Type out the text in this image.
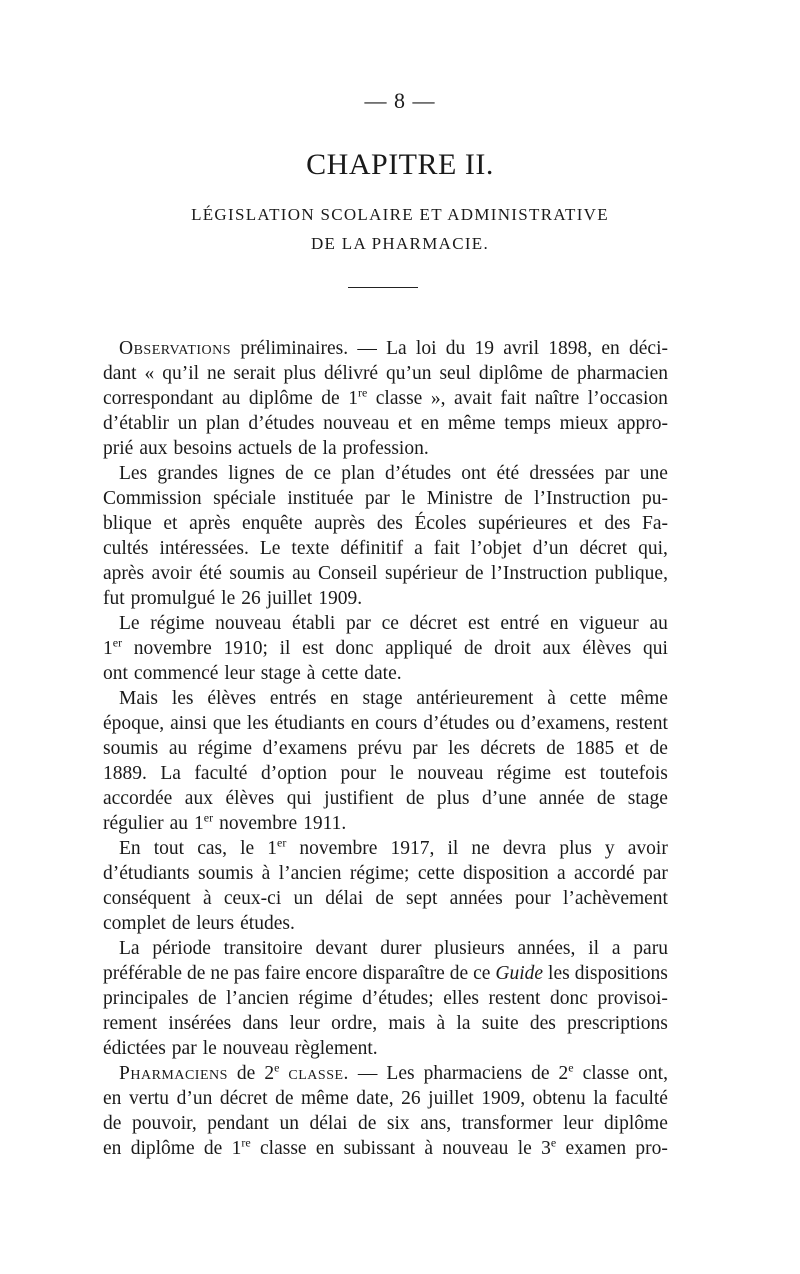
— 8 —
CHAPITRE II.
LÉGISLATION SCOLAIRE ET ADMINISTRATIVE
DE LA PHARMACIE.
Observations préliminaires. — La loi du 19 avril 1898, en déci-
dant « qu’il ne serait plus délivré qu’un seul diplôme de pharmacien
correspondant au diplôme de 1re classe », avait fait naître l’occasion
d’établir un plan d’études nouveau et en même temps mieux appro-
prié aux besoins actuels de la profession.
Les grandes lignes de ce plan d’études ont été dressées par une
Commission spéciale instituée par le Ministre de l’Instruction pu-
blique et après enquête auprès des Écoles supérieures et des Fa-
cultés intéressées. Le texte définitif a fait l’objet d’un décret qui,
après avoir été soumis au Conseil supérieur de l’Instruction publique,
fut promulgué le 26 juillet 1909.
Le régime nouveau établi par ce décret est entré en vigueur au
1er novembre 1910; il est donc appliqué de droit aux élèves qui
ont commencé leur stage à cette date.
Mais les élèves entrés en stage antérieurement à cette même
époque, ainsi que les étudiants en cours d’études ou d’examens, restent
soumis au régime d’examens prévu par les décrets de 1885 et de
1889. La faculté d’option pour le nouveau régime est toutefois
accordée aux élèves qui justifient de plus d’une année de stage
régulier au 1er novembre 1911.
En tout cas, le 1er novembre 1917, il ne devra plus y avoir
d’étudiants soumis à l’ancien régime; cette disposition a accordé par
conséquent à ceux-ci un délai de sept années pour l’achèvement
complet de leurs études.
La période transitoire devant durer plusieurs années, il a paru
préférable de ne pas faire encore disparaître de ce Guide les dispositions
principales de l’ancien régime d’études; elles restent donc provisoi-
rement insérées dans leur ordre, mais à la suite des prescriptions
édictées par le nouveau règlement.
Pharmaciens de 2e classe. — Les pharmaciens de 2e classe ont,
en vertu d’un décret de même date, 26 juillet 1909, obtenu la faculté
de pouvoir, pendant un délai de six ans, transformer leur diplôme
en diplôme de 1re classe en subissant à nouveau le 3e examen pro-
